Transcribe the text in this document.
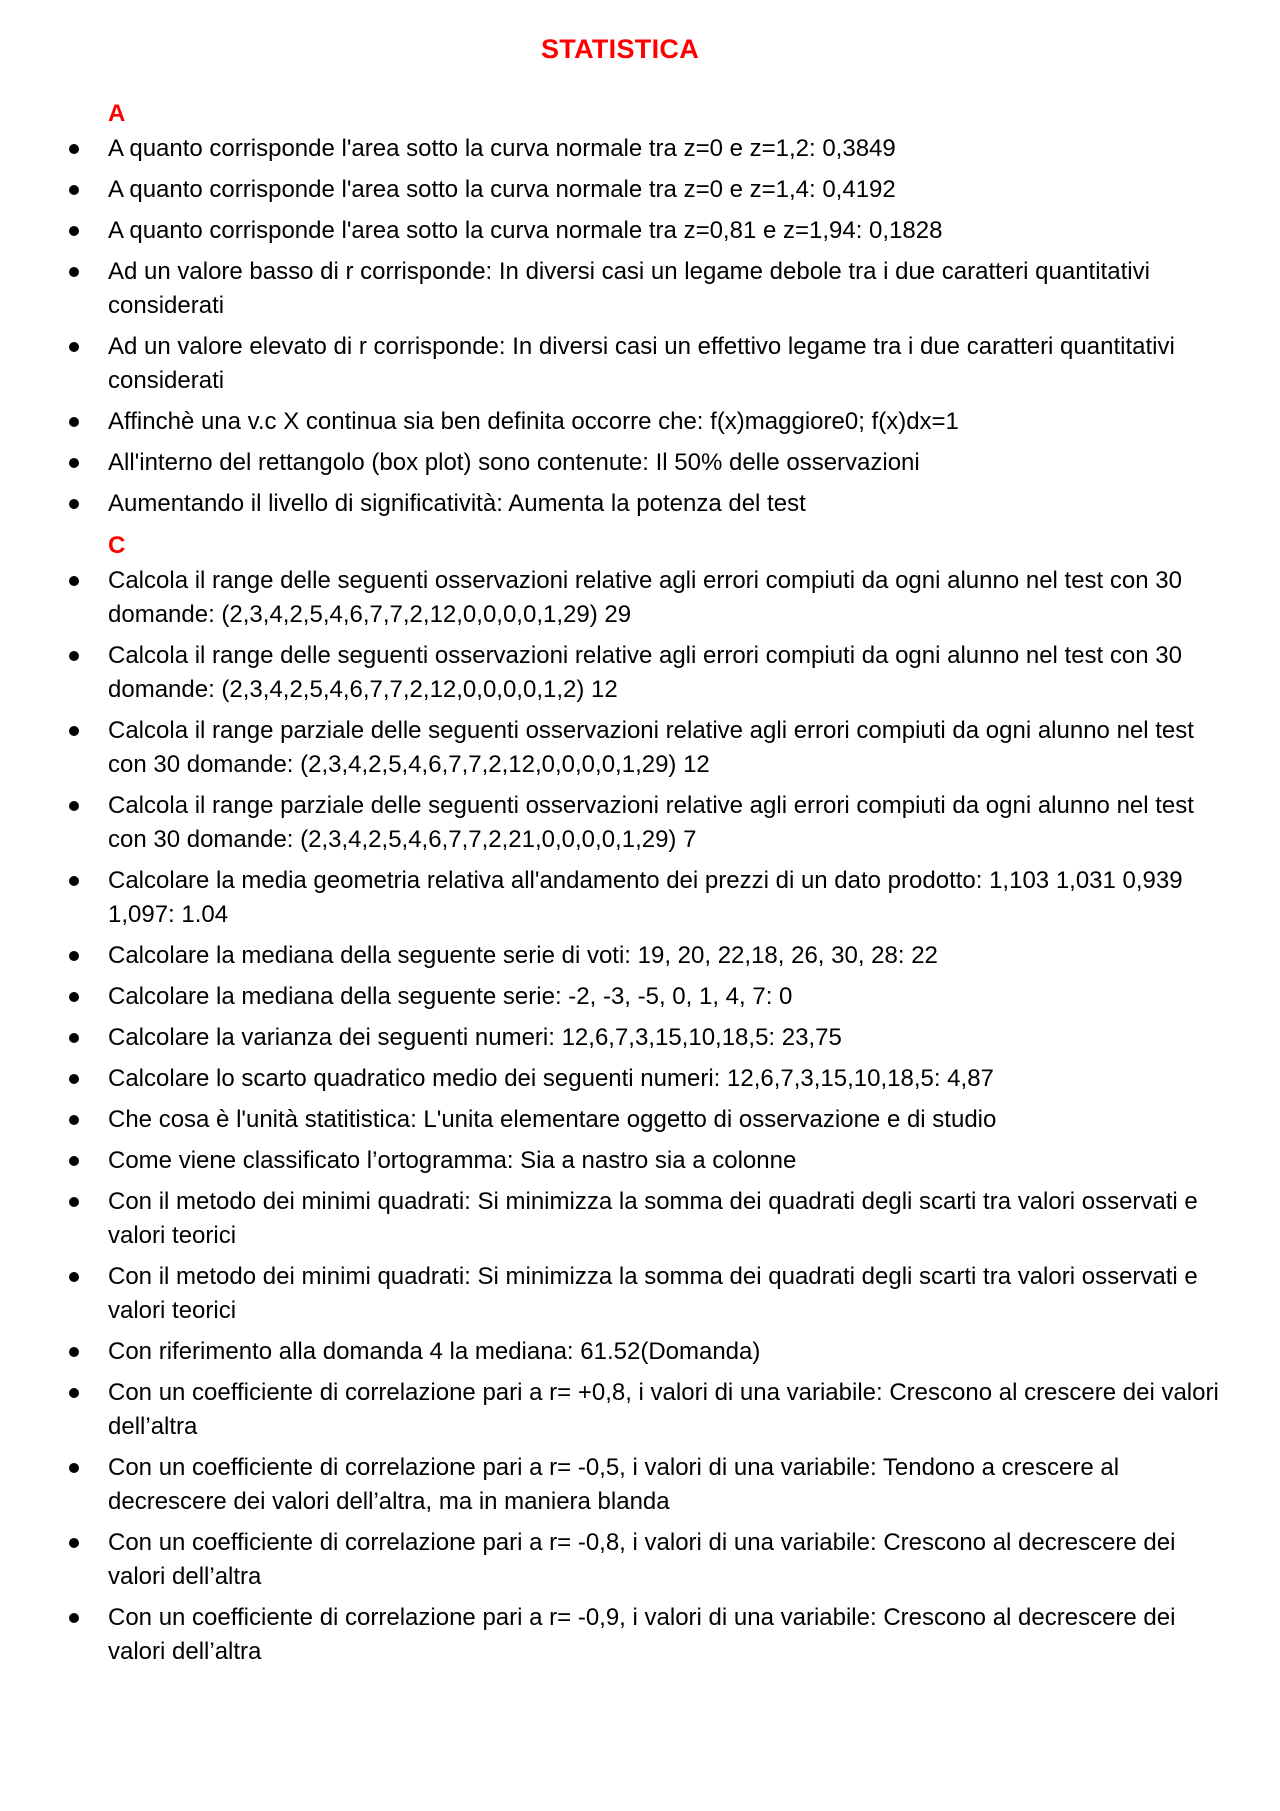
STATISTICA
A
A quanto corrisponde l'area sotto la curva normale tra z=0 e z=1,2: 0,3849
A quanto corrisponde l'area sotto la curva normale tra z=0 e z=1,4: 0,4192
A quanto corrisponde l'area sotto la curva normale tra z=0,81 e z=1,94: 0,1828
Ad un valore basso di r corrisponde: In diversi casi un legame debole tra i due caratteri quantitativi considerati
Ad un valore elevato di r corrisponde: In diversi casi un effettivo legame tra i due caratteri quantitativi considerati
Affinchè una v.c X continua sia ben definita occorre che: f(x)maggiore0; f(x)dx=1
All'interno del rettangolo (box plot) sono contenute: Il 50% delle osservazioni
Aumentando il livello di significatività: Aumenta la potenza del test
C
Calcola il range delle seguenti osservazioni relative agli errori compiuti da ogni alunno nel test con 30 domande: (2,3,4,2,5,4,6,7,7,2,12,0,0,0,0,1,29) 29
Calcola il range delle seguenti osservazioni relative agli errori compiuti da ogni alunno nel test con 30 domande: (2,3,4,2,5,4,6,7,7,2,12,0,0,0,0,1,2) 12
Calcola il range parziale delle seguenti osservazioni relative agli errori compiuti da ogni alunno nel test con 30 domande: (2,3,4,2,5,4,6,7,7,2,12,0,0,0,0,1,29) 12
Calcola il range parziale delle seguenti osservazioni relative agli errori compiuti da ogni alunno nel test con 30 domande: (2,3,4,2,5,4,6,7,7,2,21,0,0,0,0,1,29) 7
Calcolare la media geometria relativa all'andamento dei prezzi di un dato prodotto: 1,103 1,031 0,939 1,097: 1.04
Calcolare la mediana della seguente serie di voti: 19, 20, 22,18, 26, 30, 28: 22
Calcolare la mediana della seguente serie: -2, -3, -5, 0, 1, 4, 7: 0
Calcolare la varianza dei seguenti numeri: 12,6,7,3,15,10,18,5: 23,75
Calcolare lo scarto quadratico medio dei seguenti numeri: 12,6,7,3,15,10,18,5: 4,87
Che cosa è l'unità statitistica: L'unita elementare oggetto di osservazione e di studio
Come viene classificato l’ortogramma: Sia a nastro sia a colonne
Con il metodo dei minimi quadrati: Si minimizza la somma dei quadrati degli scarti tra valori osservati e valori teorici
Con il metodo dei minimi quadrati: Si minimizza la somma dei quadrati degli scarti tra valori osservati e valori teorici
Con riferimento alla domanda 4 la mediana: 61.52(Domanda)
Con un coefficiente di correlazione pari a r= +0,8, i valori di una variabile: Crescono al crescere dei valori dell’altra
Con un coefficiente di correlazione pari a r= -0,5, i valori di una variabile: Tendono a crescere al decrescere dei valori dell’altra, ma in maniera blanda
Con un coefficiente di correlazione pari a r= -0,8, i valori di una variabile: Crescono al decrescere dei valori dell’altra
Con un coefficiente di correlazione pari a r= -0,9, i valori di una variabile: Crescono al decrescere dei valori dell’altra
